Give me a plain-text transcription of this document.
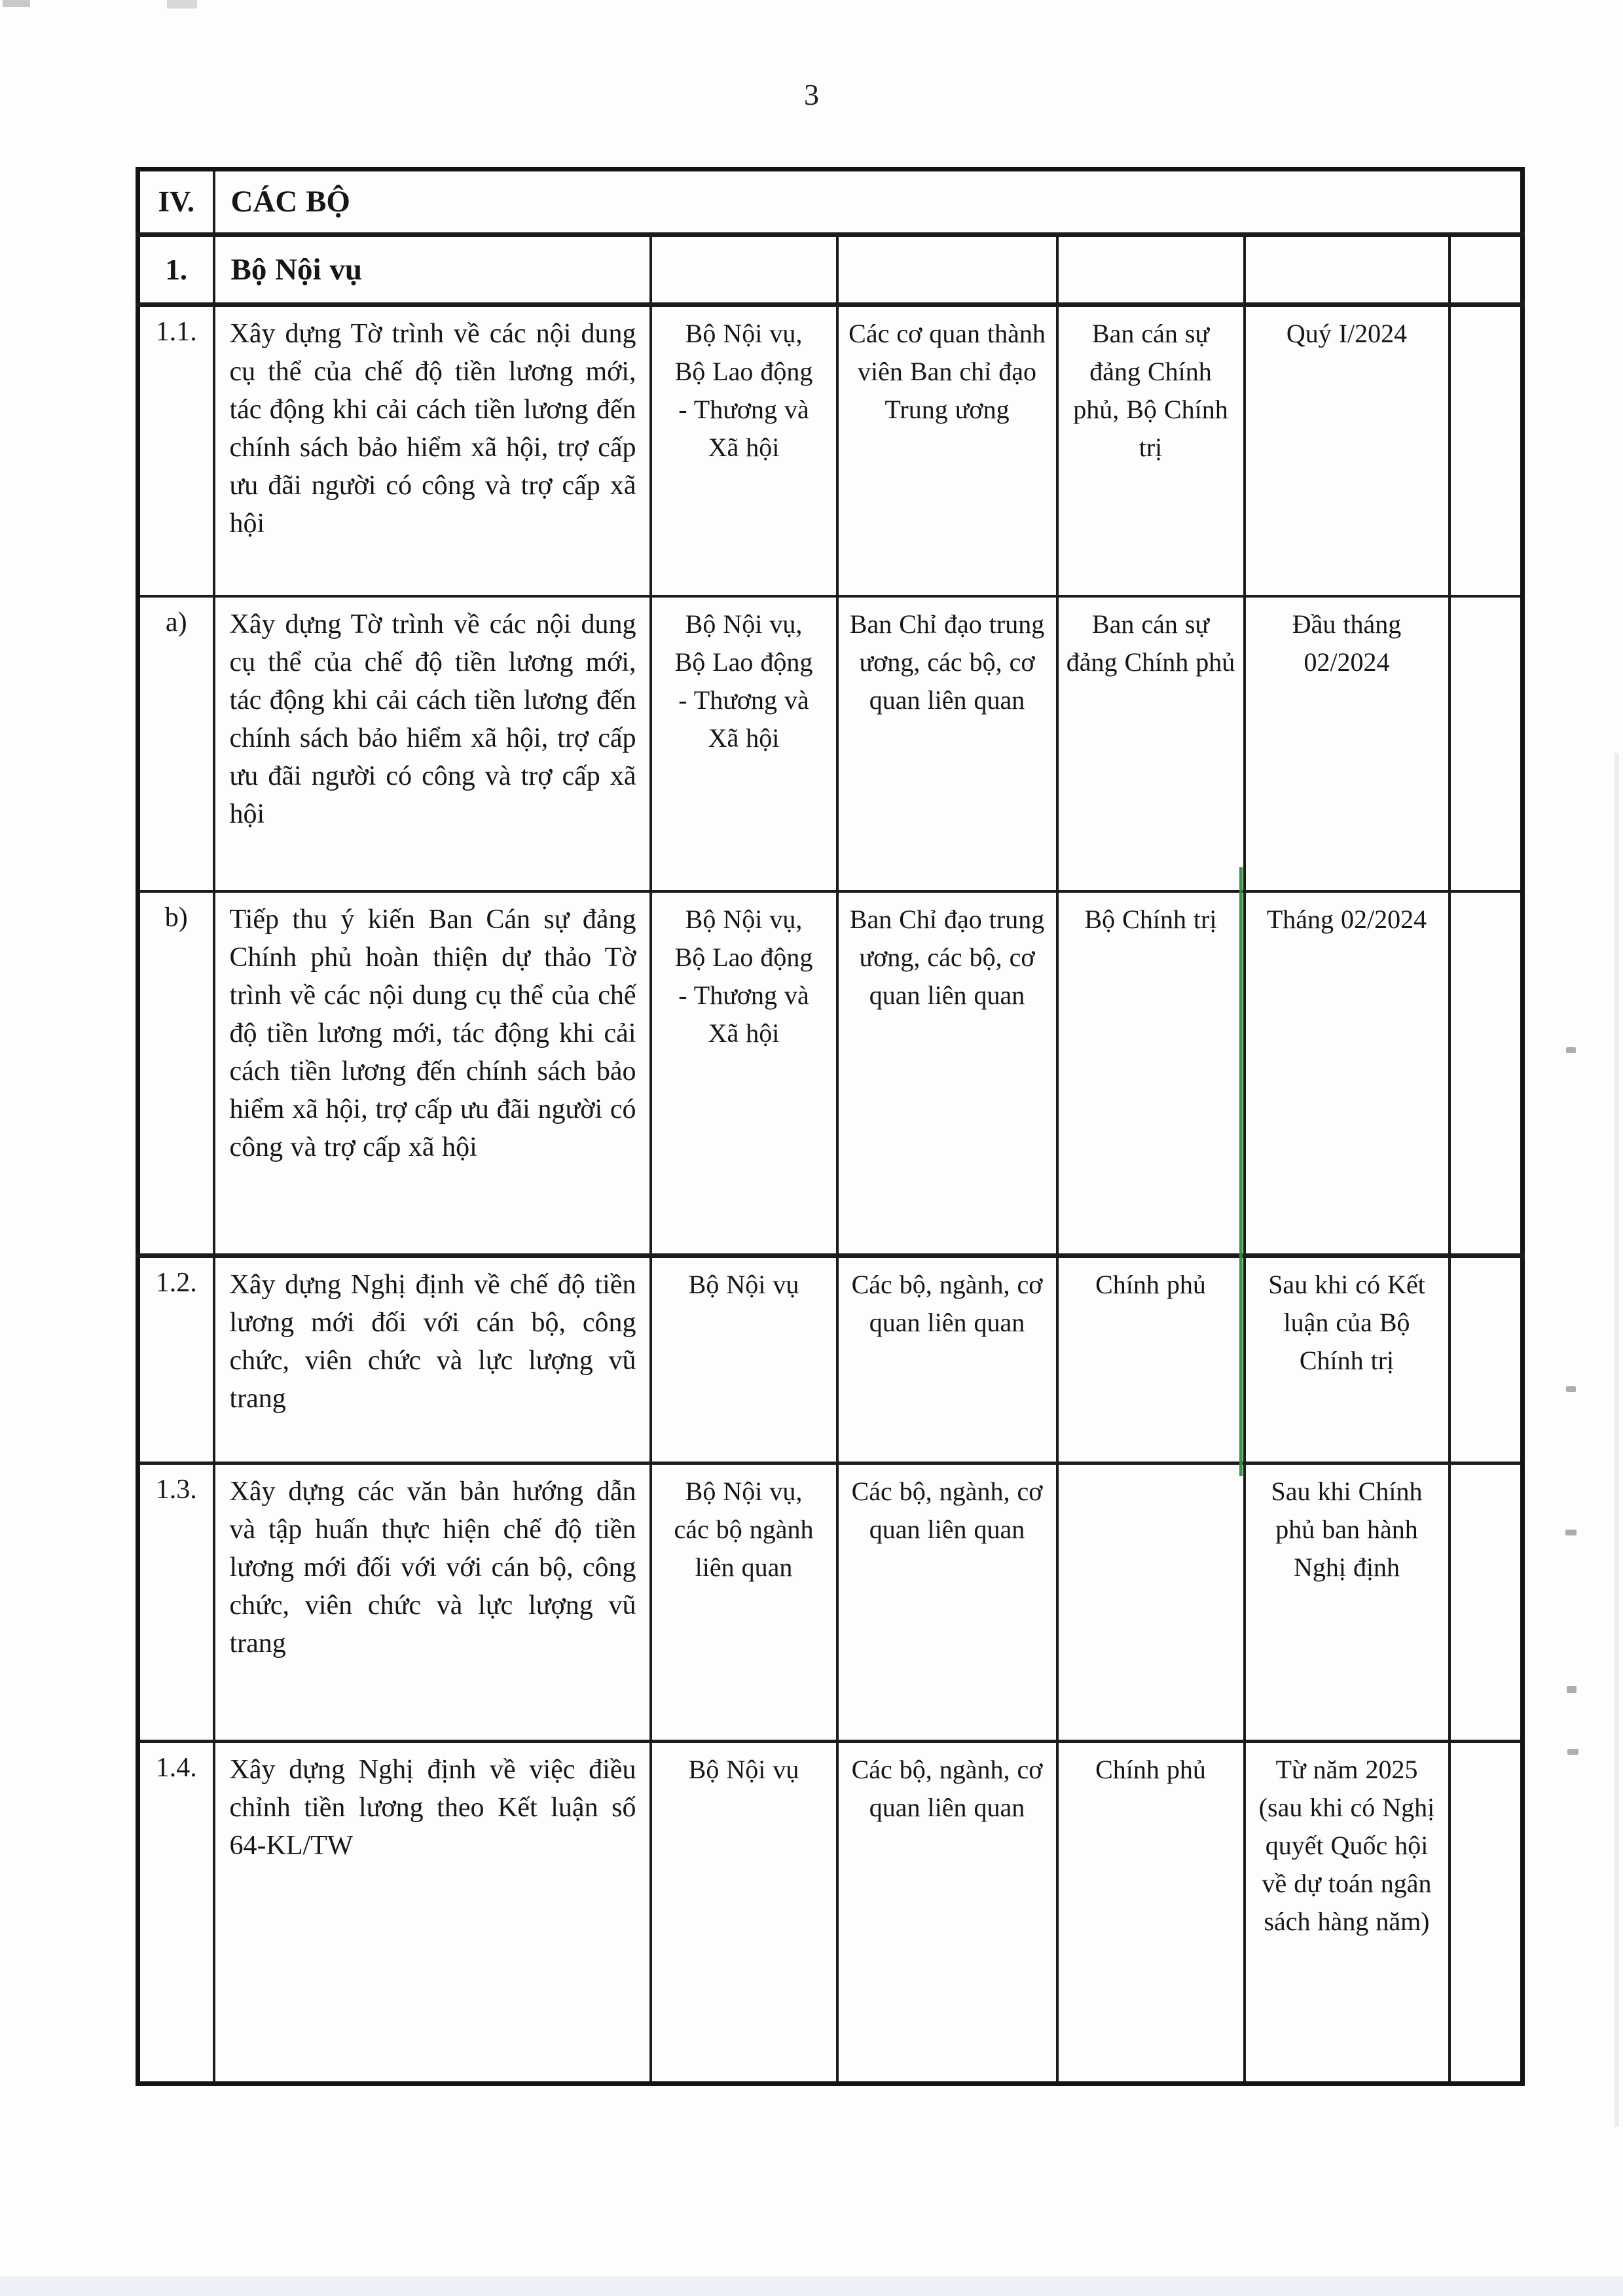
3
IV.	CÁC BỘ					
1.	Bộ Nội vụ					
1.1.	Xây dựng Tờ trình về các nội dung cụ thể của chế độ tiền lương mới, tác động khi cải cách tiền lương đến chính sách bảo hiểm xã hội, trợ cấp ưu đãi người có công và trợ cấp xã hội	Bộ Nội vụ, Bộ Lao động - Thương và Xã hội	Các cơ quan thành viên Ban chỉ đạo Trung ương	Ban cán sự đảng Chính phủ, Bộ Chính trị	Quý I/2024	
a)	Xây dựng Tờ trình về các nội dung cụ thể của chế độ tiền lương mới, tác động khi cải cách tiền lương đến chính sách bảo hiểm xã hội, trợ cấp ưu đãi người có công và trợ cấp xã hội	Bộ Nội vụ, Bộ Lao động - Thương và Xã hội	Ban Chỉ đạo trung ương, các bộ, cơ quan liên quan	Ban cán sự đảng Chính phủ	Đầu tháng 02/2024	
b)	Tiếp thu ý kiến Ban Cán sự đảng Chính phủ hoàn thiện dự thảo Tờ trình về các nội dung cụ thể của chế độ tiền lương mới, tác động khi cải cách tiền lương đến chính sách bảo hiểm xã hội, trợ cấp ưu đãi người có công và trợ cấp xã hội	Bộ Nội vụ, Bộ Lao động - Thương và Xã hội	Ban Chỉ đạo trung ương, các bộ, cơ quan liên quan	Bộ Chính trị	Tháng 02/2024	
1.2.	Xây dựng Nghị định về chế độ tiền lương mới đối với cán bộ, công chức, viên chức và lực lượng vũ trang	Bộ Nội vụ	Các bộ, ngành, cơ quan liên quan	Chính phủ	Sau khi có Kết luận của Bộ Chính trị	
1.3.	Xây dựng các văn bản hướng dẫn và tập huấn thực hiện chế độ tiền lương mới đối với với cán bộ, công chức, viên chức và lực lượng vũ trang	Bộ Nội vụ, các bộ ngành liên quan	Các bộ, ngành, cơ quan liên quan		Sau khi Chính phủ ban hành Nghị định	
1.4.	Xây dựng Nghị định về việc điều chỉnh tiền lương theo Kết luận số 64-KL/TW	Bộ Nội vụ	Các bộ, ngành, cơ quan liên quan	Chính phủ	Từ năm 2025 (sau khi có Nghị quyết Quốc hội về dự toán ngân sách hàng năm)	
